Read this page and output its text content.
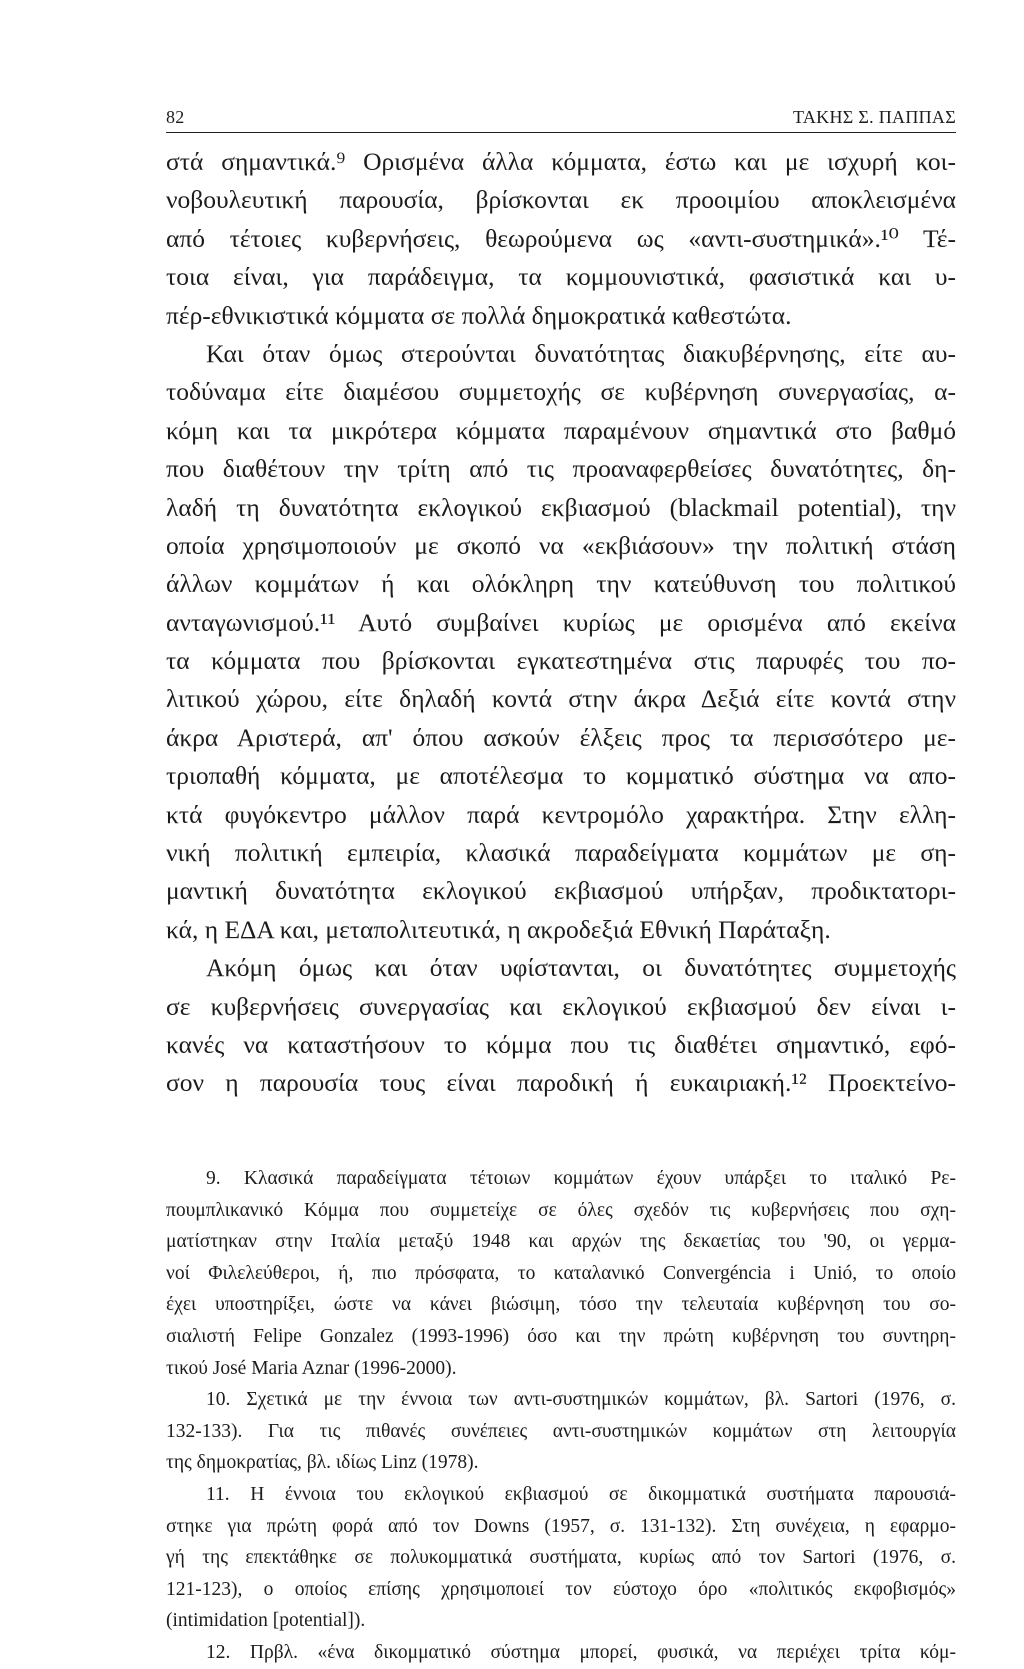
82	ΤΑΚΗΣ Σ. ΠΑΠΠΑΣ
στά σημαντικά.⁹ Ορισμένα άλλα κόμματα, έστω και με ισχυρή κοι-
νοβουλευτική παρουσία, βρίσκονται εκ προοιμίου αποκλεισμένα
από τέτοιες κυβερνήσεις, θεωρούμενα ως «αντι-συστημικά».¹⁰ Τέ-
τοια είναι, για παράδειγμα, τα κομμουνιστικά, φασιστικά και υ-
πέρ-εθνικιστικά κόμματα σε πολλά δημοκρατικά καθεστώτα.
Και όταν όμως στερούνται δυνατότητας διακυβέρνησης, είτε αυ-
τοδύναμα είτε διαμέσου συμμετοχής σε κυβέρνηση συνεργασίας, α-
κόμη και τα μικρότερα κόμματα παραμένουν σημαντικά στο βαθμό
που διαθέτουν την τρίτη από τις προαναφερθείσες δυνατότητες, δη-
λαδή τη δυνατότητα εκλογικού εκβιασμού (blackmail potential), την
οποία χρησιμοποιούν με σκοπό να «εκβιάσουν» την πολιτική στάση
άλλων κομμάτων ή και ολόκληρη την κατεύθυνση του πολιτικού
ανταγωνισμού.¹¹ Αυτό συμβαίνει κυρίως με ορισμένα από εκείνα
τα κόμματα που βρίσκονται εγκατεστημένα στις παρυφές του πο-
λιτικού χώρου, είτε δηλαδή κοντά στην άκρα Δεξιά είτε κοντά στην
άκρα Αριστερά, απ' όπου ασκούν έλξεις προς τα περισσότερο με-
τριοπαθή κόμματα, με αποτέλεσμα το κομματικό σύστημα να απο-
κτά φυγόκεντρο μάλλον παρά κεντρομόλο χαρακτήρα. Στην ελλη-
νική πολιτική εμπειρία, κλασικά παραδείγματα κομμάτων με ση-
μαντική δυνατότητα εκλογικού εκβιασμού υπήρξαν, προδικτατορι-
κά, η ΕΔΑ και, μεταπολιτευτικά, η ακροδεξιά Εθνική Παράταξη.
Ακόμη όμως και όταν υφίστανται, οι δυνατότητες συμμετοχής
σε κυβερνήσεις συνεργασίας και εκλογικού εκβιασμού δεν είναι ι-
κανές να καταστήσουν το κόμμα που τις διαθέτει σημαντικό, εφό-
σον η παρουσία τους είναι παροδική ή ευκαιριακή.¹² Προεκτείνο-
9. Κλασικά παραδείγματα τέτοιων κομμάτων έχουν υπάρξει το ιταλικό Ρε-
πουμπλικανικό Κόμμα που συμμετείχε σε όλες σχεδόν τις κυβερνήσεις που σχη-
ματίστηκαν στην Ιταλία μεταξύ 1948 και αρχών της δεκαετίας του '90, οι γερμα-
νοί Φιλελεύθεροι, ή, πιο πρόσφατα, το καταλανικό Convergéncia i Unió, το οποίο
έχει υποστηρίξει, ώστε να κάνει βιώσιμη, τόσο την τελευταία κυβέρνηση του σο-
σιαλιστή Felipe Gonzalez (1993-1996) όσο και την πρώτη κυβέρνηση του συντηρη-
τικού José Maria Aznar (1996-2000).
10. Σχετικά με την έννοια των αντι-συστημικών κομμάτων, βλ. Sartori (1976, σ.
132-133). Για τις πιθανές συνέπειες αντι-συστημικών κομμάτων στη λειτουργία
της δημοκρατίας, βλ. ιδίως Linz (1978).
11. Η έννοια του εκλογικού εκβιασμού σε δικομματικά συστήματα παρουσιά-
στηκε για πρώτη φορά από τον Downs (1957, σ. 131-132). Στη συνέχεια, η εφαρμο-
γή της επεκτάθηκε σε πολυκομματικά συστήματα, κυρίως από τον Sartori (1976, σ.
121-123), ο οποίος επίσης χρησιμοποιεί τον εύστοχο όρο «πολιτικός εκφοβισμός»
(intimidation [potential]).
12. Πρβλ. «ένα δικομματικό σύστημα μπορεί, φυσικά, να περιέχει τρίτα κόμ-
